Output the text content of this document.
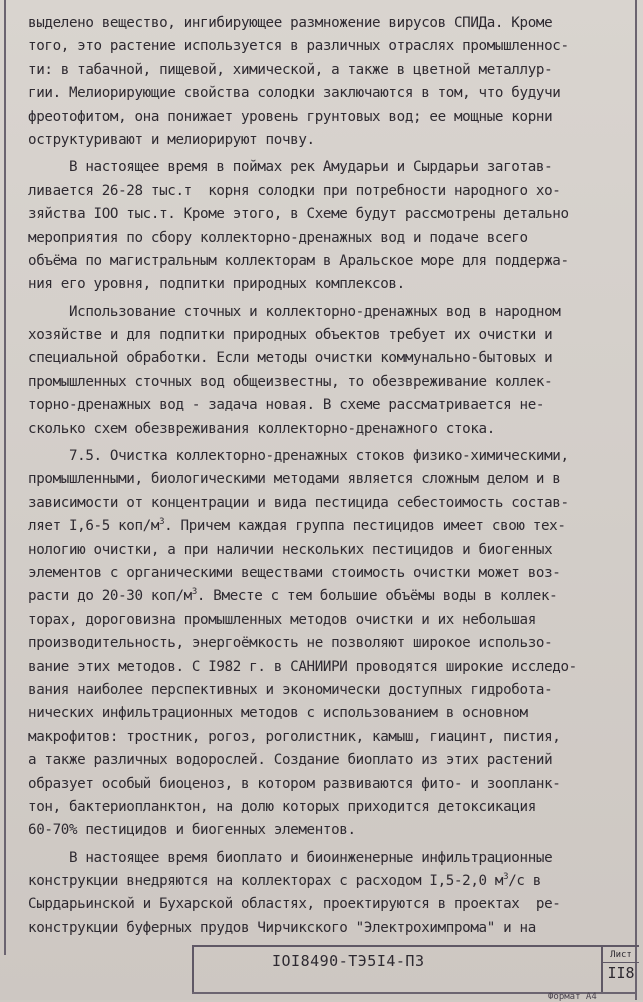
выделено вещество, ингибирующее размножение вирусов СПИДа. Кроме
того, это растение используется в различных отраслях промышленнос-
ти: в табачной, пищевой, химической, а также в цветной металлур-
гии. Мелиорирующие свойства солодки заключаются в том, что будучи
фреотофитом, она понижает уровень грунтовых вод; ее мощные корни
оструктуривают и мелиорируют почву.
В настоящее время в поймах рек Амударьи и Сырдарьи заготав-
ливается 26-28 тыс.т  корня солодки при потребности народного хо-
зяйства IOO тыс.т. Кроме этого, в Схеме будут рассмотрены детально
мероприятия по сбору коллекторно-дренажных вод и подаче всего
объёма по магистральным коллекторам в Аральское море для поддержа-
ния его уровня, подпитки природных комплексов.
Использование сточных и коллекторно-дренажных вод в народном
хозяйстве и для подпитки природных объектов требует их очистки и
специальной обработки. Если методы очистки коммунально-бытовых и
промышленных сточных вод общеизвестны, то обезвреживание коллек-
торно-дренажных вод - задача новая. В схеме рассматривается не-
сколько схем обезвреживания коллекторно-дренажного стока.
7.5. Очистка коллекторно-дренажных стоков физико-химическими,
промышленными, биологическими методами является сложным делом и в
зависимости от концентрации и вида пестицида себестоимость состав-
ляет I,6-5 коп/$м^3$. Причем каждая группа пестицидов имеет свою тех-
нологию очистки, а при наличии нескольких пестицидов и биогенных
элементов с органическими веществами стоимость очистки может воз-
расти до 20-30 коп/$м^3$. Вместе с тем большие объёмы воды в коллек-
торах, дороговизна промышленных методов очистки и их небольшая
производительность, энергоёмкость не позволяют широкое использо-
вание этих методов. С I982 г. в САНИИРИ проводятся широкие исследо-
вания наиболее перспективных и экономически доступных гидробота-
нических инфильтрационных методов с использованием в основном
макрофитов: тростник, рогоз, роголистник, камыш, гиацинт, пистия,
а также различных водорослей. Создание биоплато из этих растений
образует особый биоценоз, в котором развиваются фито- и зоопланк-
тон, бактериопланктон, на долю которых приходится детоксикация
60-70% пестицидов и биогенных элементов.
В настоящее время биоплато и биоинженерные инфильтрационные
конструкции внедряются на коллекторах с расходом I,5-2,0 $м^3/с$ в
Сырдарьинской и Бухарской областях, проектируются в проектах  ре-
конструкции буферных прудов Чирчикского "Электрохимпрома" и на
IOI8490-ТЭ5I4-ПЗ	Лист
II8
Формат А4
